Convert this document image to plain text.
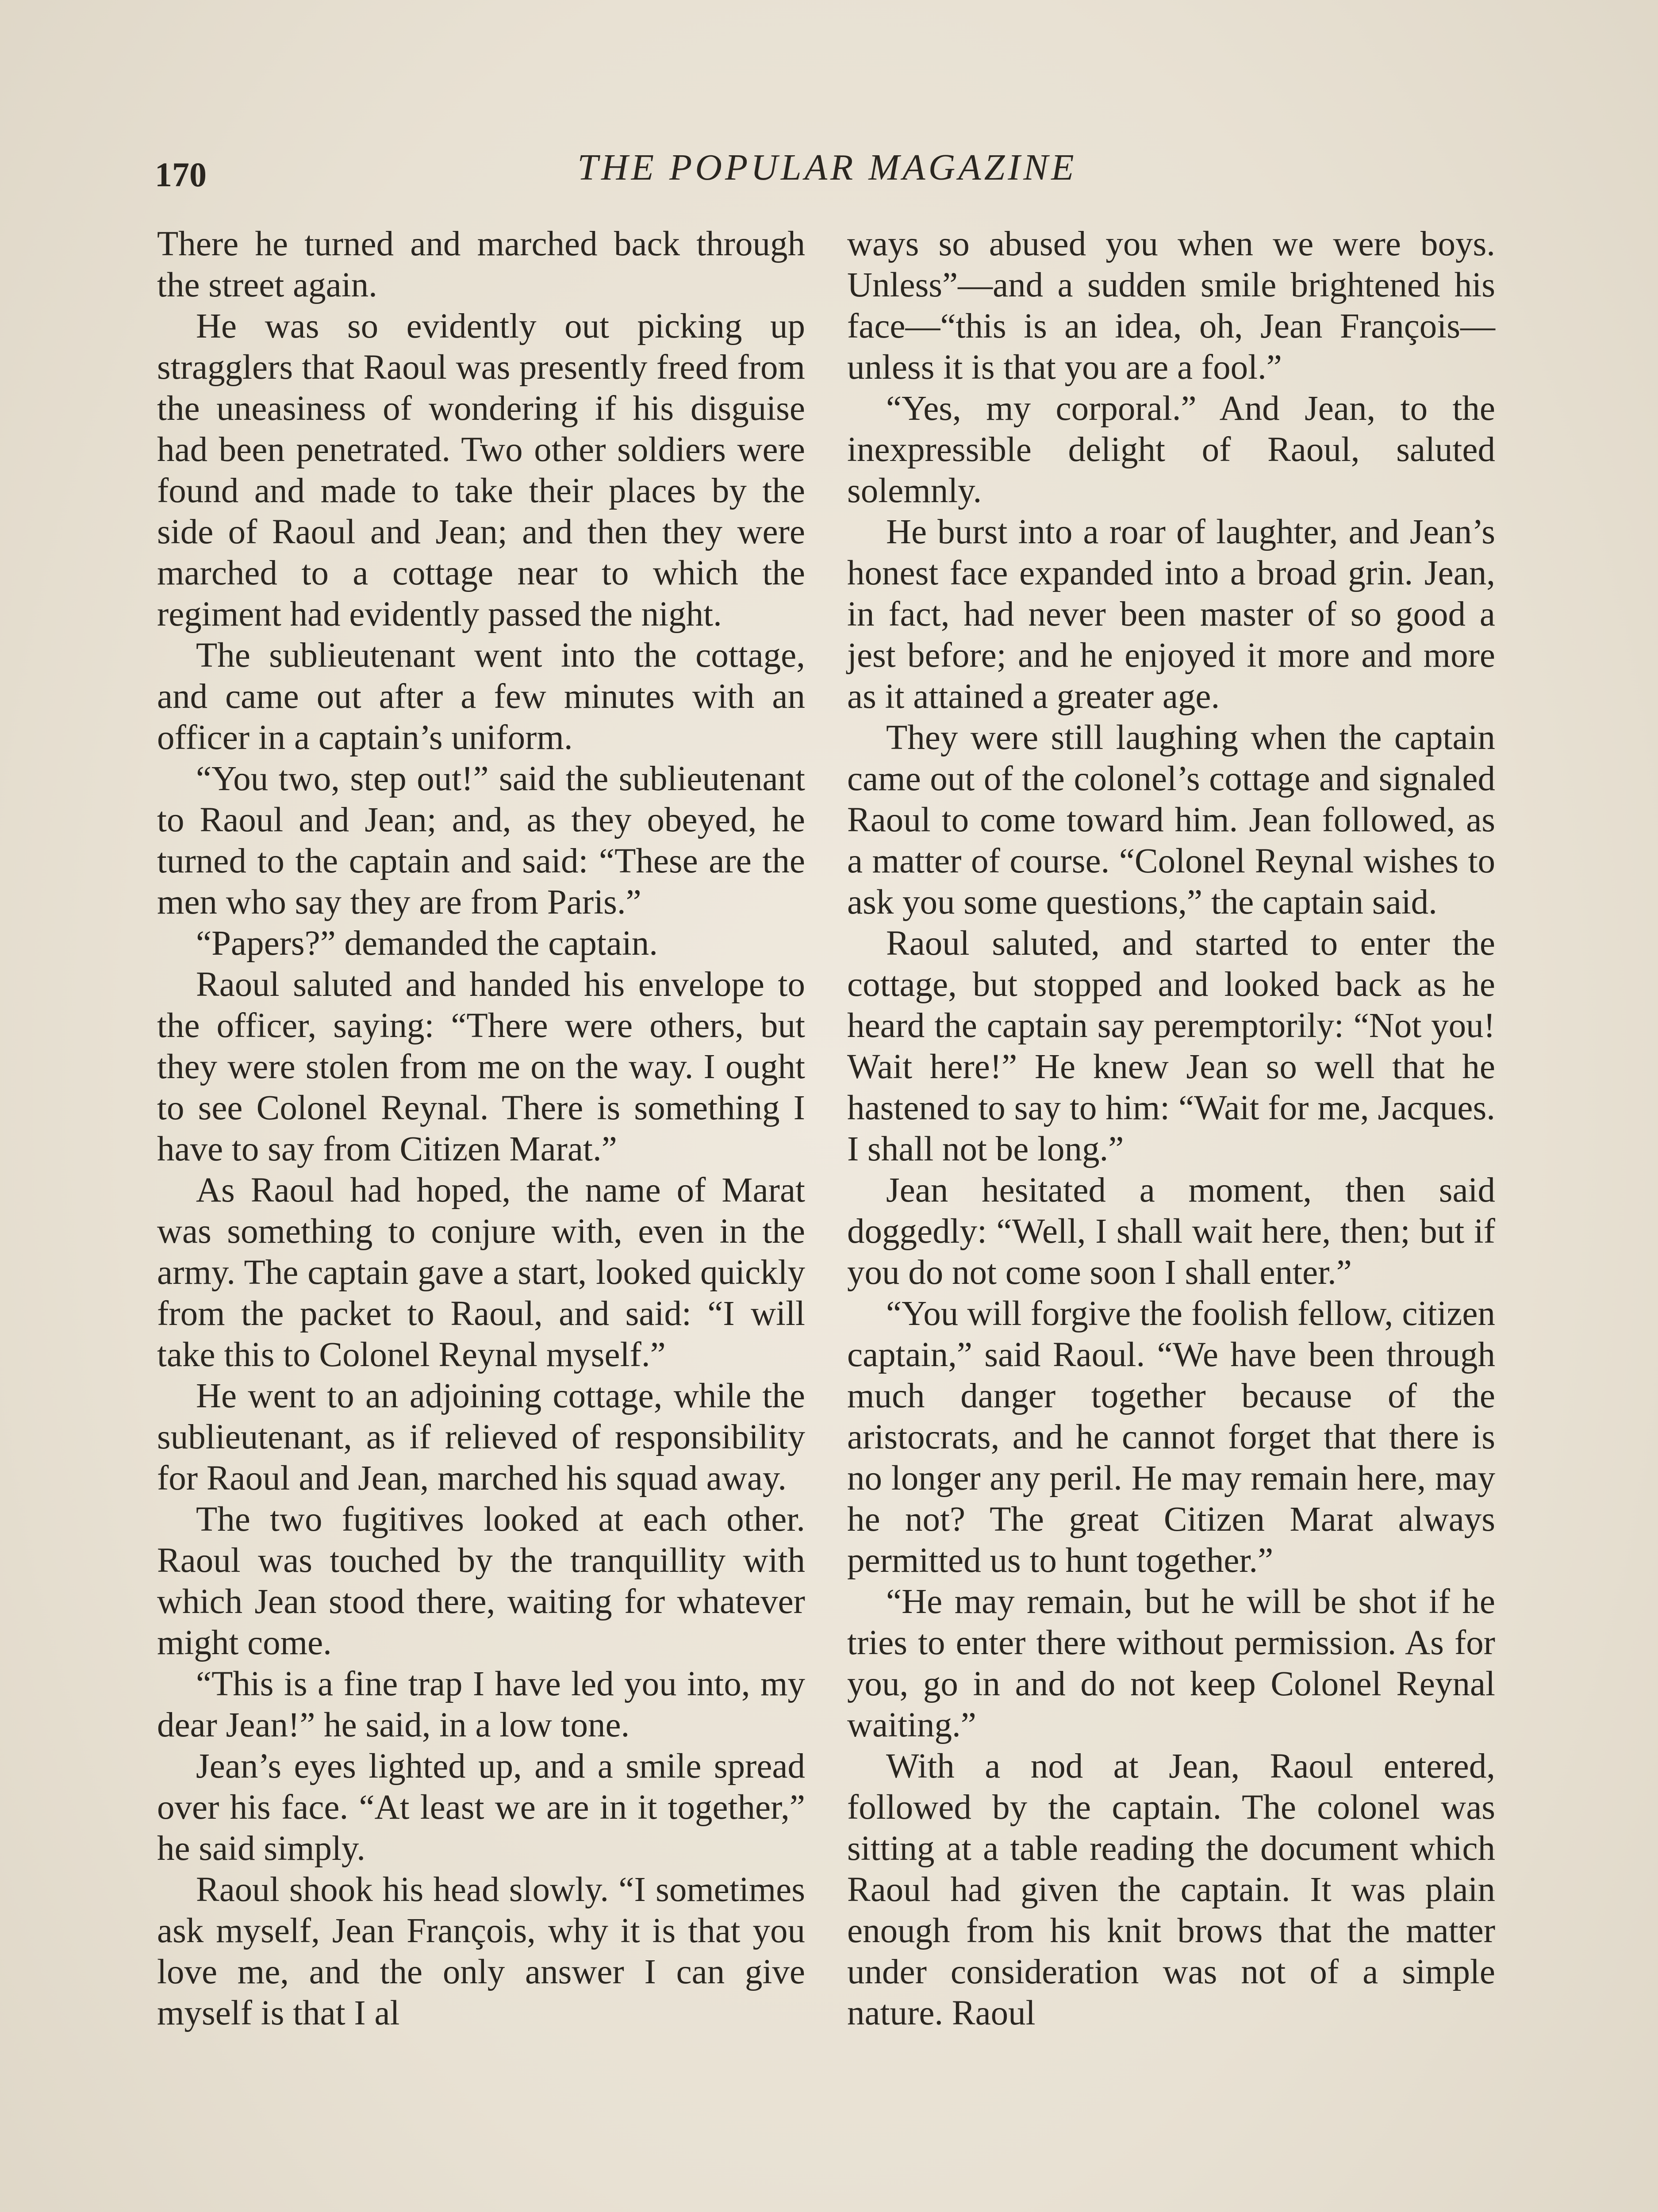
170	THE POPULAR MAGAZINE

There he turned and marched back through the street again.

He was so evidently out picking up stragglers that Raoul was presently freed from the uneasiness of wondering if his disguise had been penetrated. Two other soldiers were found and made to take their places by the side of Raoul and Jean; and then they were marched to a cottage near to which the regiment had evidently passed the night.

The sublieutenant went into the cottage, and came out after a few minutes with an officer in a captain’s uniform.

“You two, step out!” said the sublieutenant to Raoul and Jean; and, as they obeyed, he turned to the captain and said: “These are the men who say they are from Paris.”

“Papers?” demanded the captain.

Raoul saluted and handed his envelope to the officer, saying: “There were others, but they were stolen from me on the way. I ought to see Colonel Reynal. There is something I have to say from Citizen Marat.”

As Raoul had hoped, the name of Marat was something to conjure with, even in the army. The captain gave a start, looked quickly from the packet to Raoul, and said: “I will take this to Colonel Reynal myself.”

He went to an adjoining cottage, while the sublieutenant, as if relieved of responsibility for Raoul and Jean, marched his squad away.

The two fugitives looked at each other. Raoul was touched by the tranquillity with which Jean stood there, waiting for whatever might come.

“This is a fine trap I have led you into, my dear Jean!” he said, in a low tone.

Jean’s eyes lighted up, and a smile spread over his face. “At least we are in it together,” he said simply.

Raoul shook his head slowly. “I sometimes ask myself, Jean François, why it is that you love me, and the only answer I can give myself is that I al

ways so abused you when we were boys. Unless”—and a sudden smile brightened his face—“this is an idea, oh, Jean François—unless it is that you are a fool.”

“Yes, my corporal.” And Jean, to the inexpressible delight of Raoul, saluted solemnly.

He burst into a roar of laughter, and Jean’s honest face expanded into a broad grin. Jean, in fact, had never been master of so good a jest before; and he enjoyed it more and more as it attained a greater age.

They were still laughing when the captain came out of the colonel’s cottage and signaled Raoul to come toward him. Jean followed, as a matter of course. “Colonel Reynal wishes to ask you some questions,” the captain said.

Raoul saluted, and started to enter the cottage, but stopped and looked back as he heard the captain say peremptorily: “Not you! Wait here!” He knew Jean so well that he hastened to say to him: “Wait for me, Jacques. I shall not be long.”

Jean hesitated a moment, then said doggedly: “Well, I shall wait here, then; but if you do not come soon I shall enter.”

“You will forgive the foolish fellow, citizen captain,” said Raoul. “We have been through much danger together because of the aristocrats, and he cannot forget that there is no longer any peril. He may remain here, may he not? The great Citizen Marat always permitted us to hunt together.”

“He may remain, but he will be shot if he tries to enter there without permission. As for you, go in and do not keep Colonel Reynal waiting.”

With a nod at Jean, Raoul entered, followed by the captain. The colonel was sitting at a table reading the document which Raoul had given the captain. It was plain enough from his knit brows that the matter under consideration was not of a simple nature. Raoul
